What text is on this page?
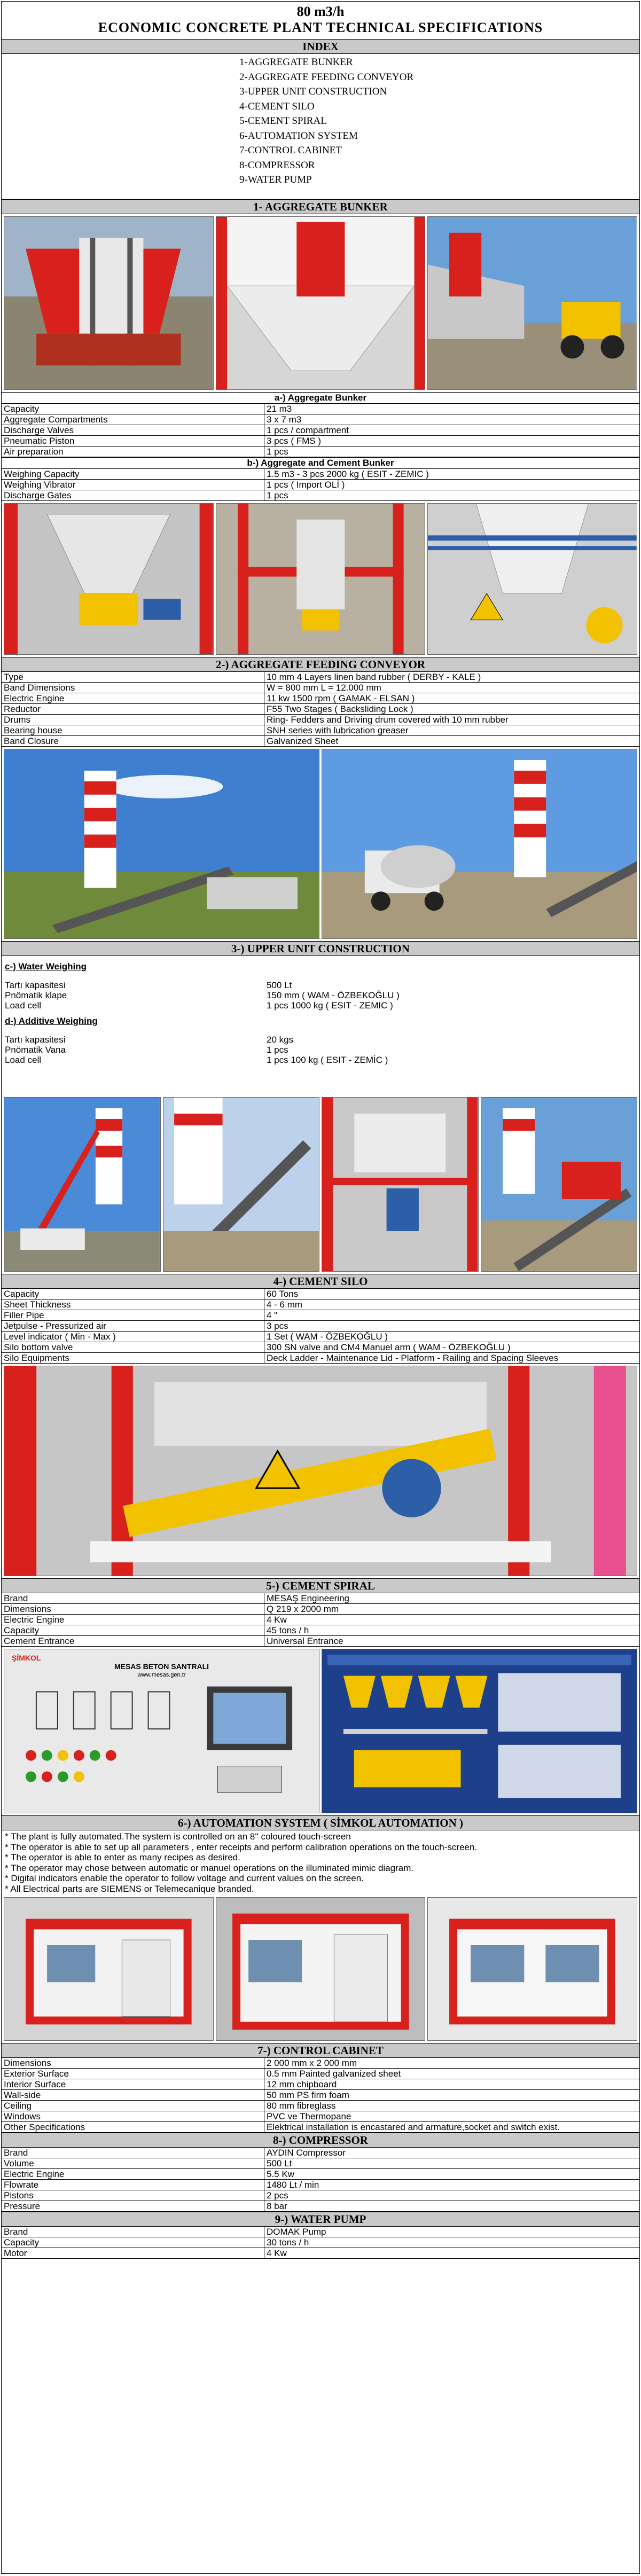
80 m3/h
ECONOMIC CONCRETE PLANT TECHNICAL SPECIFICATIONS
INDEX
1-AGGREGATE BUNKER
2-AGGREGATE FEEDING CONVEYOR
3-UPPER UNIT CONSTRUCTION
4-CEMENT SILO
5-CEMENT SPIRAL
6-AUTOMATION SYSTEM
7-CONTROL CABINET
8-COMPRESSOR
9-WATER PUMP
1- AGGREGATE BUNKER
a-) Aggregate Bunker
Capacity	21 m3
Aggregate Compartments	3 x 7 m3
Discharge Valves	1 pcs / compartment
Pneumatic Piston	3 pcs ( FMS )
Air preparation	1 pcs
b-) Aggregate and Cement Bunker
Weighing Capacity	1.5 m3 - 3 pcs 2000 kg ( ESIT - ZEMIC )
Weighing Vibrator	1 pcs ( Import OLİ )
Discharge Gates	1 pcs
2-) AGGREGATE FEEDING CONVEYOR
Type	10 mm 4 Layers linen band rubber ( DERBY - KALE )
Band Dimensions	W = 800 mm L = 12.000 mm
Electric Engine	11 kw 1500 rpm ( GAMAK - ELSAN )
Reductor	F55 Two Stages ( Backsliding Lock )
Drums	Ring- Fedders and Driving drum covered with 10 mm rubber
Bearing house	SNH series with lubrication greaser
Band Closure	Galvanized Sheet
3-) UPPER UNIT CONSTRUCTION
c-) Water Weighing
Tartı kapasitesi	500 Lt
Pnömatik klape	150 mm ( WAM - ÖZBEKOĞLU )
Load cell	1 pcs 1000 kg ( ESIT - ZEMIC )
d-) Additive Weighing
Tartı kapasitesi	20 kgs
Pnömatik Vana	1 pcs
Load cell	1 pcs 100 kg ( ESIT - ZEMİC )
4-) CEMENT SILO
Capacity	60 Tons
Sheet Thickness	4 - 6 mm
Filler Pipe	4 "
Jetpulse - Pressurized air	3 pcs
Level indicator ( Min - Max )	1 Set ( WAM - ÖZBEKOĞLU )
Silo bottom valve	300 SN valve and CM4 Manuel arm ( WAM - ÖZBEKOĞLU )
Silo Equipments	Deck Ladder - Maintenance Lid - Platform - Railing and Spacing Sleeves
5-) CEMENT SPIRAL
Brand	MESAŞ Engineering
Dimensions	Q 219 x 2000 mm
Electric Engine	4 Kw
Capacity	45 tons / h
Cement Entrance	Universal Entrance
ŞİMKOL
MESAS BETON SANTRALI
www.mesas.gen.tr
6-) AUTOMATION SYSTEM ( SİMKOL AUTOMATION )
* The plant is fully automated.The system is controlled on an 8'' coloured touch-screen
* The operator is able to set up all parameters , enter receipts and perform calibration operations on the touch-screen.
* The operator is able to enter as many recipes as desired.
* The operator may chose between automatic or manuel operations on the illuminated mimic diagram.
* Digital indicators enable the operator to follow voltage and current values on the screen.
* All Electrical parts are SIEMENS or Telemecanique branded.
7-) CONTROL CABINET
Dimensions	2 000 mm x 2 000 mm
Exterior Surface	0.5 mm Painted galvanized sheet
Interior Surface	12 mm chipboard
Wall-side	50 mm PS firm foam
Ceiling	80 mm fibreglass
Windows	PVC ve Thermopane
Other Specifications	Elektrical installation is encastared and armature,socket and switch exist.
8-) COMPRESSOR
Brand	AYDIN Compressor
Volume	500 Lt
Electric Engine	5.5 Kw
Flowrate	1480 Lt / min
Pistons	2 pcs
Pressure	8 bar
9-) WATER PUMP
Brand	DOMAK Pump
Capacity	30 tons / h
Motor	4 Kw
